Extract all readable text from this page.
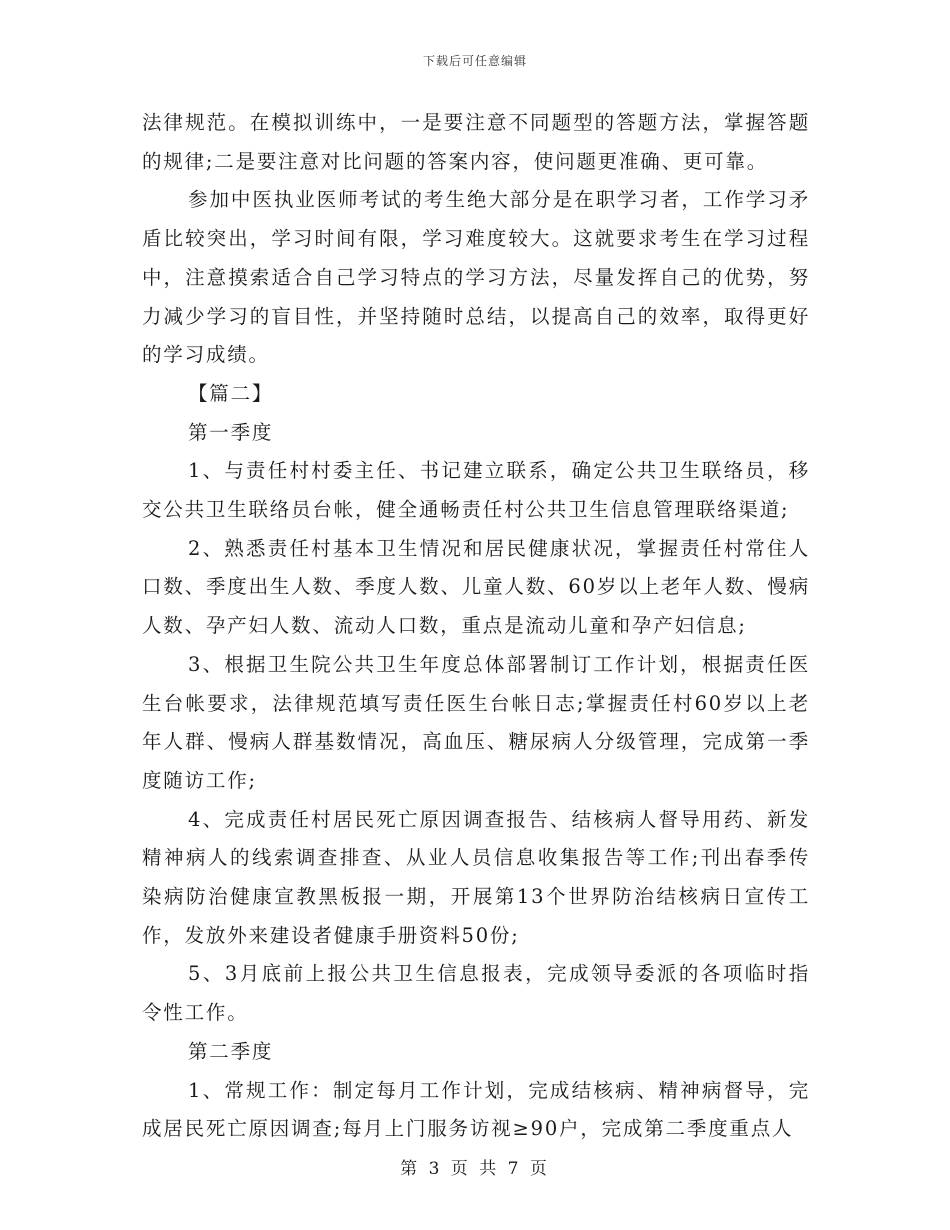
下载后可任意编辑

法律规范。在模拟训练中，一是要注意不同题型的答题方法，掌握答题的规律;二是要注意对比问题的答案内容，使问题更准确、更可靠。

参加中医执业医师考试的考生绝大部分是在职学习者，工作学习矛盾比较突出，学习时间有限，学习难度较大。这就要求考生在学习过程中，注意摸索适合自己学习特点的学习方法，尽量发挥自己的优势，努力减少学习的盲目性，并坚持随时总结，以提高自己的效率，取得更好的学习成绩。

【篇二】

第一季度

1、与责任村村委主任、书记建立联系，确定公共卫生联络员，移交公共卫生联络员台帐，健全通畅责任村公共卫生信息管理联络渠道;

2、熟悉责任村基本卫生情况和居民健康状况，掌握责任村常住人口数、季度出生人数、季度人数、儿童人数、60岁以上老年人数、慢病人数、孕产妇人数、流动人口数，重点是流动儿童和孕产妇信息;

3、根据卫生院公共卫生年度总体部署制订工作计划，根据责任医生台帐要求，法律规范填写责任医生台帐日志;掌握责任村60岁以上老年人群、慢病人群基数情况，高血压、糖尿病人分级管理，完成第一季度随访工作;

4、完成责任村居民死亡原因调查报告、结核病人督导用药、新发精神病人的线索调查排查、从业人员信息收集报告等工作;刊出春季传染病防治健康宣教黑板报一期，开展第13个世界防治结核病日宣传工作，发放外来建设者健康手册资料50份;

5、3月底前上报公共卫生信息报表，完成领导委派的各项临时指令性工作。

第二季度

1、常规工作：制定每月工作计划，完成结核病、精神病督导，完成居民死亡原因调查;每月上门服务访视≥90户，完成第二季度重点人

第 3 页 共 7 页
